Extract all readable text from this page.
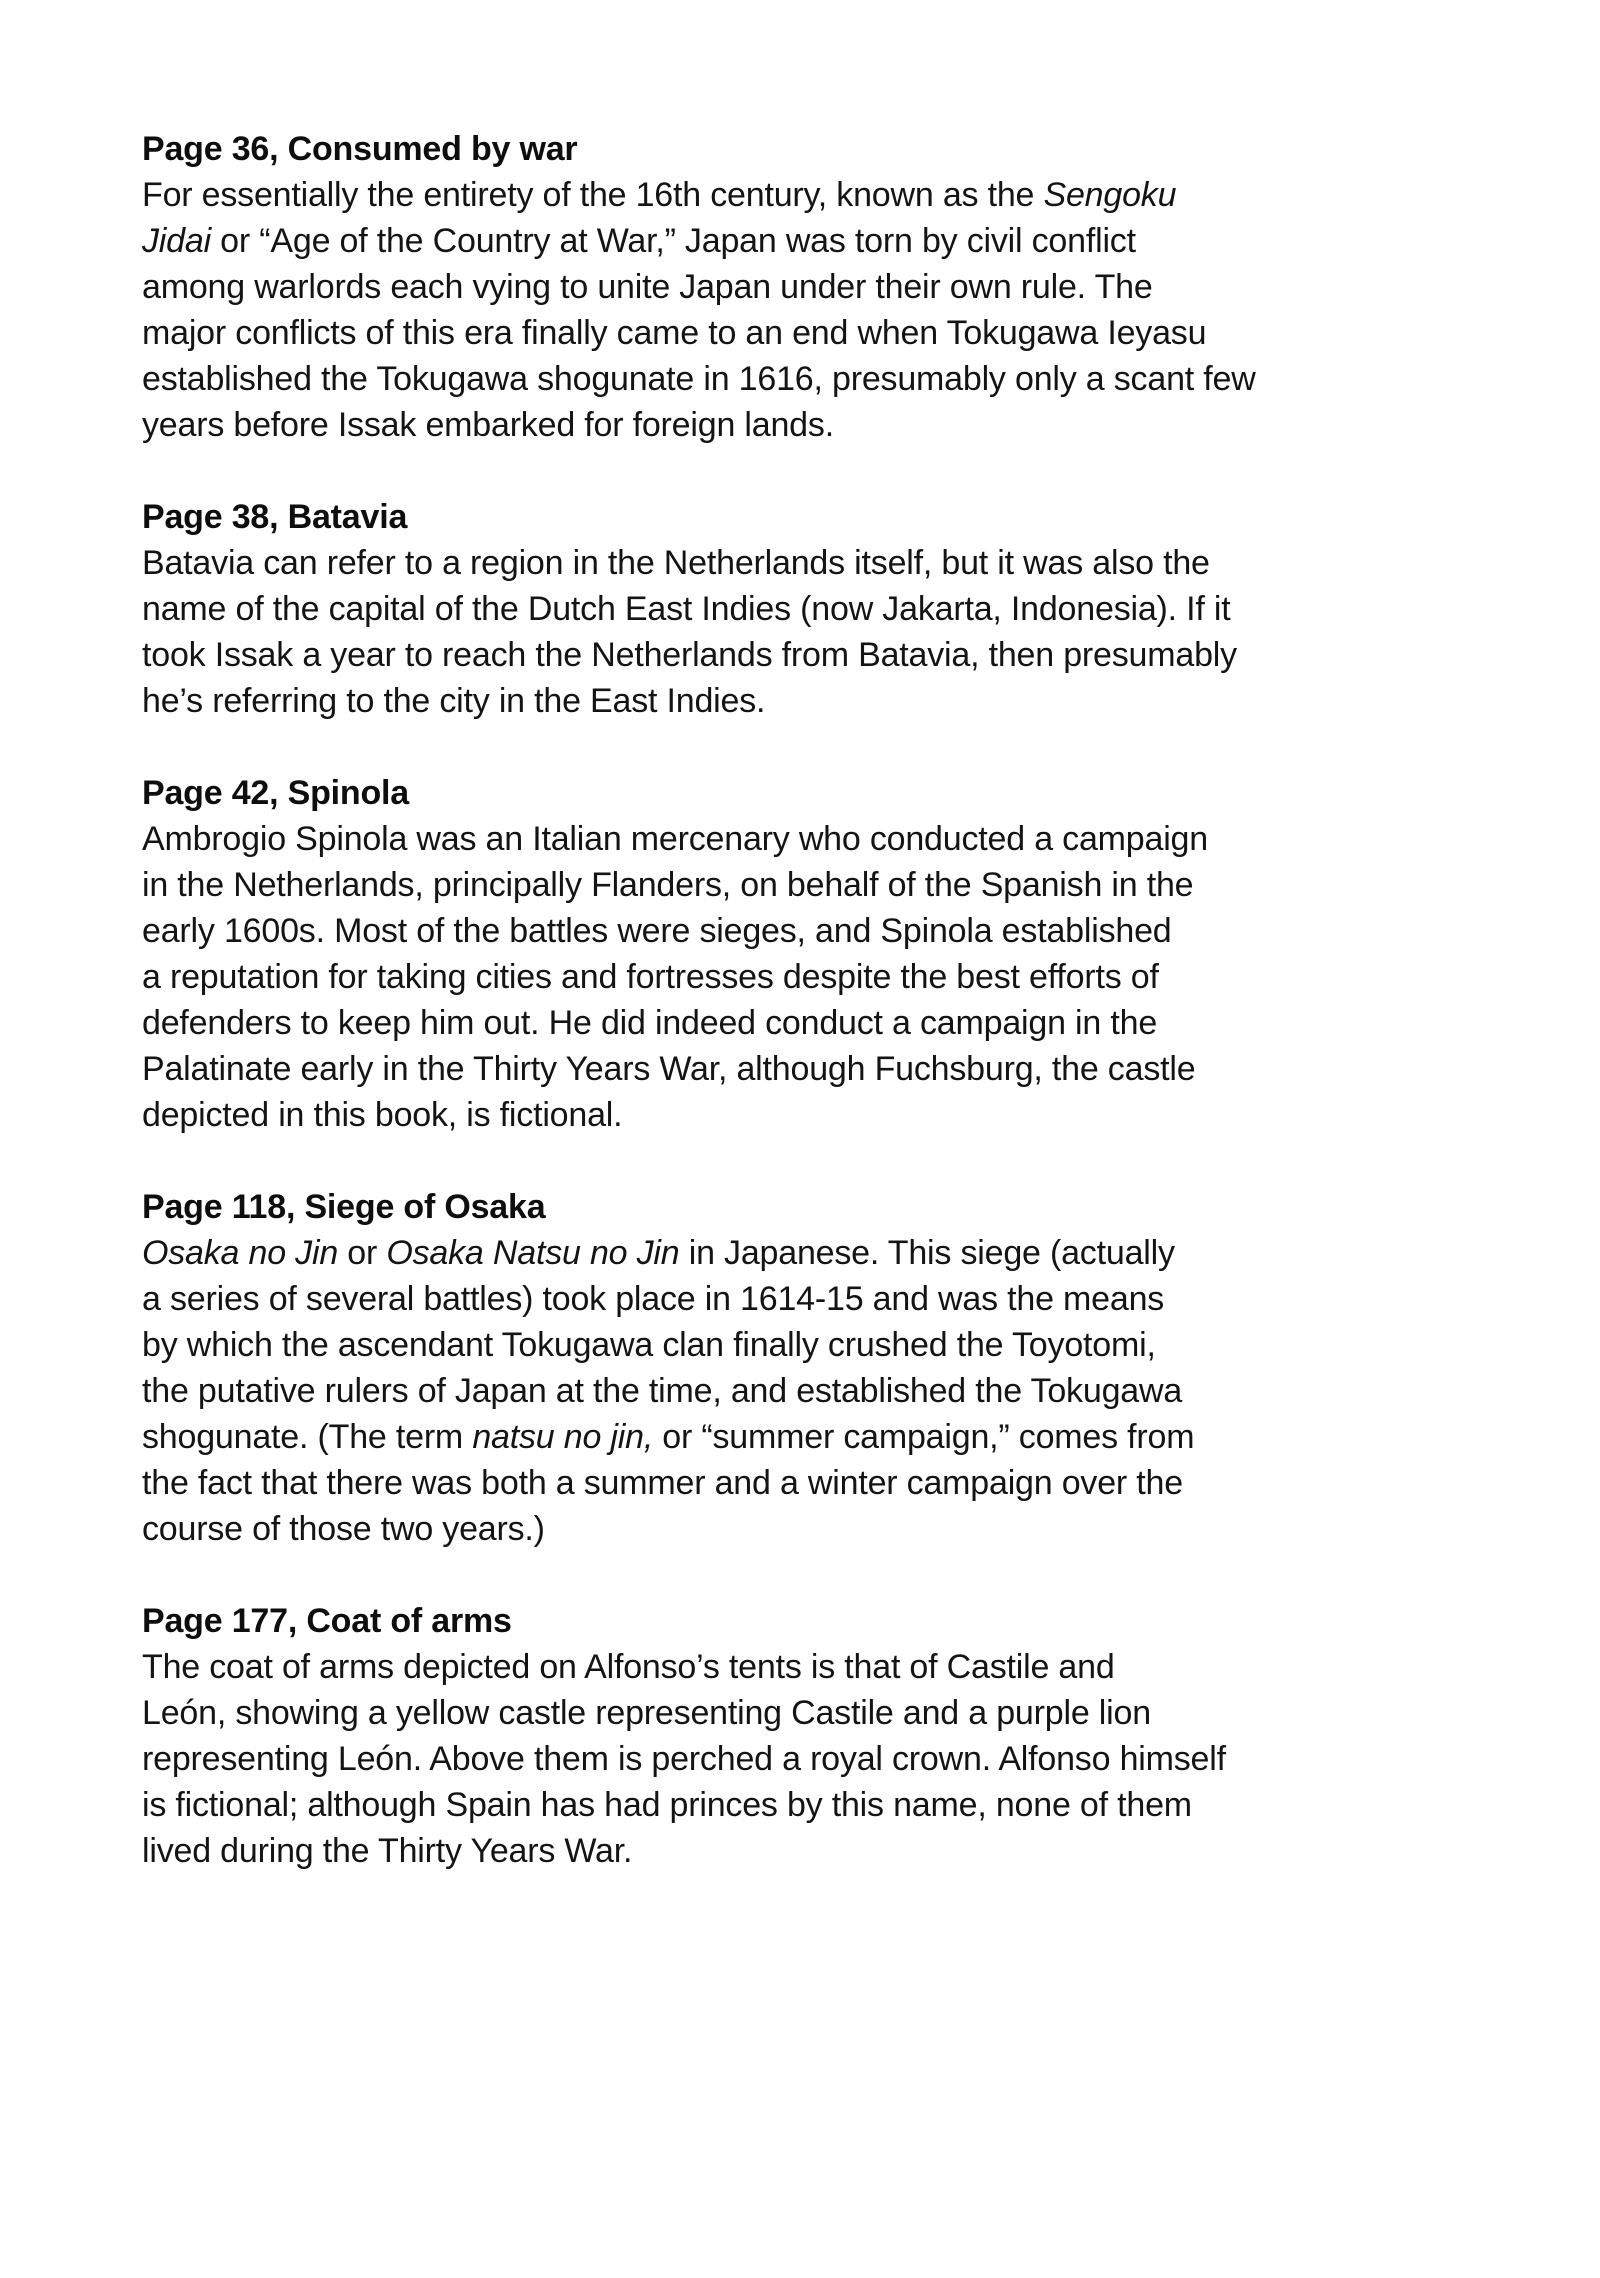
Page 36, Consumed by war
For essentially the entirety of the 16th century, known as the Sengoku
Jidai or “Age of the Country at War,” Japan was torn by civil conflict
among warlords each vying to unite Japan under their own rule. The
major conflicts of this era finally came to an end when Tokugawa Ieyasu
established the Tokugawa shogunate in 1616, presumably only a scant few
years before Issak embarked for foreign lands.
Page 38, Batavia
Batavia can refer to a region in the Netherlands itself, but it was also the
name of the capital of the Dutch East Indies (now Jakarta, Indonesia). If it
took Issak a year to reach the Netherlands from Batavia, then presumably
he’s referring to the city in the East Indies.
Page 42, Spinola
Ambrogio Spinola was an Italian mercenary who conducted a campaign
in the Netherlands, principally Flanders, on behalf of the Spanish in the
early 1600s. Most of the battles were sieges, and Spinola established
a reputation for taking cities and fortresses despite the best efforts of
defenders to keep him out. He did indeed conduct a campaign in the
Palatinate early in the Thirty Years War, although Fuchsburg, the castle
depicted in this book, is fictional.
Page 118, Siege of Osaka
Osaka no Jin or Osaka Natsu no Jin in Japanese. This siege (actually
a series of several battles) took place in 1614-15 and was the means
by which the ascendant Tokugawa clan finally crushed the Toyotomi,
the putative rulers of Japan at the time, and established the Tokugawa
shogunate. (The term natsu no jin, or “summer campaign,” comes from
the fact that there was both a summer and a winter campaign over the
course of those two years.)
Page 177, Coat of arms
The coat of arms depicted on Alfonso’s tents is that of Castile and
León, showing a yellow castle representing Castile and a purple lion
representing León. Above them is perched a royal crown. Alfonso himself
is fictional; although Spain has had princes by this name, none of them
lived during the Thirty Years War.
